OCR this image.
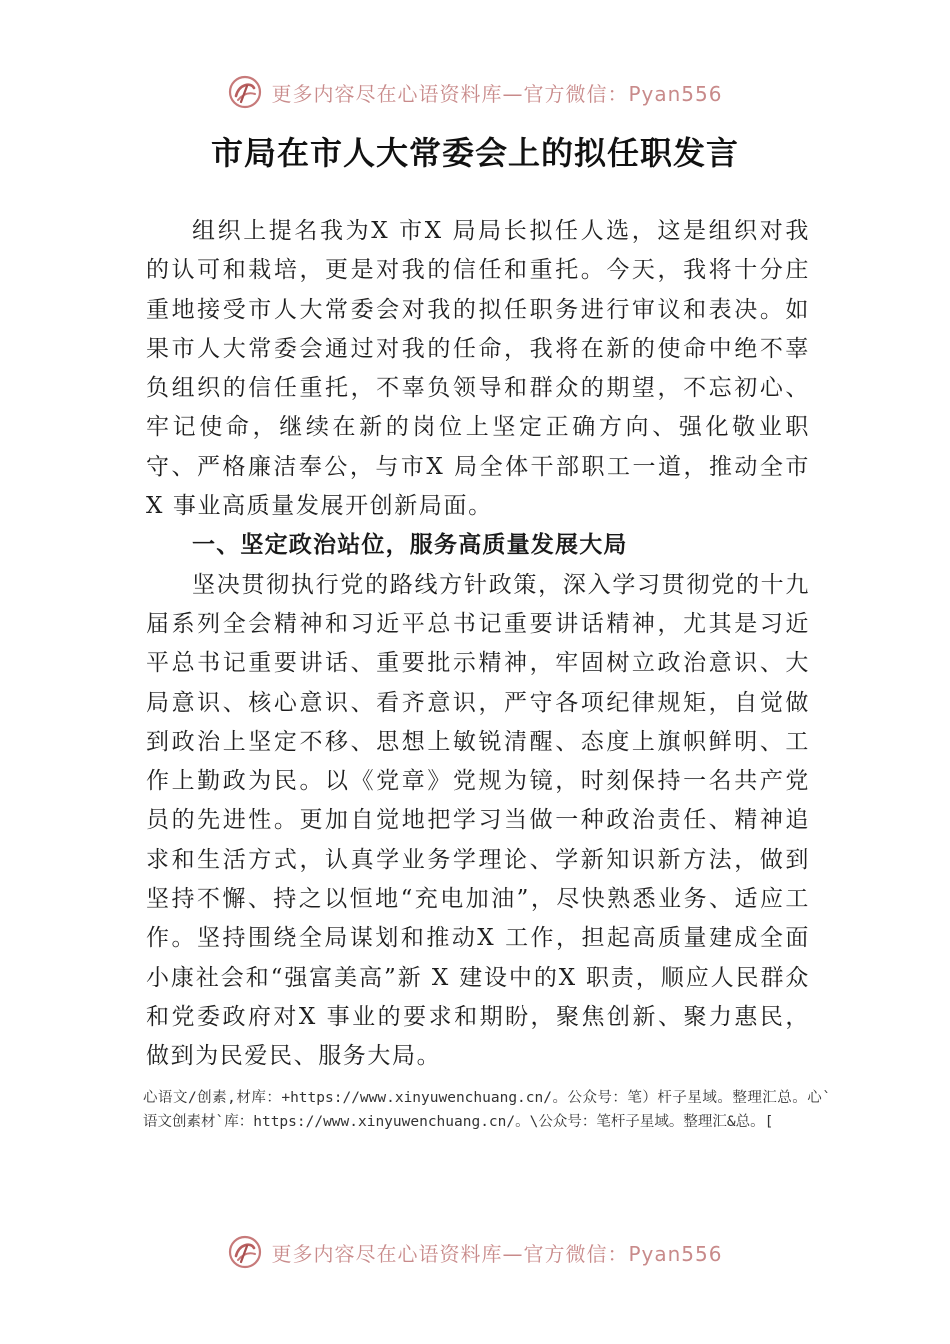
更多内容尽在心语资料库—官方微信：Pyan556
市局在市人大常委会上的拟任职发言

组织上提名我为X 市X 局局长拟任人选，这是组织对我的认可和栽培，更是对我的信任和重托。今天，我将十分庄重地接受市人大常委会对我的拟任职务进行审议和表决。如果市人大常委会通过对我的任命，我将在新的使命中绝不辜负组织的信任重托，不辜负领导和群众的期望，不忘初心、牢记使命，继续在新的岗位上坚定正确方向、强化敬业职守、严格廉洁奉公，与市X 局全体干部职工一道，推动全市 X 事业高质量发展开创新局面。

一、坚定政治站位，服务高质量发展大局

坚决贯彻执行党的路线方针政策，深入学习贯彻党的十九届系列全会精神和习近平总书记重要讲话精神，尤其是习近平总书记重要讲话、重要批示精神，牢固树立政治意识、大局意识、核心意识、看齐意识，严守各项纪律规矩，自觉做到政治上坚定不移、思想上敏锐清醒、态度上旗帜鲜明、工作上勤政为民。以《党章》党规为镜，时刻保持一名共产党员的先进性。更加自觉地把学习当做一种政治责任、精神追求和生活方式，认真学业务学理论、学新知识新方法，做到坚持不懈、持之以恒地“充电加油”，尽快熟悉业务、适应工作。坚持围绕全局谋划和推动X 工作，担起高质量建成全面小康社会和“强富美高”新 X 建设中的X 职责，顺应人民群众和党委政府对X 事业的要求和期盼，聚焦创新、聚力惠民，做到为民爱民、服务大局。

心语文/创素,材库：+https://www.xinyuwenchuang.cn/。公众号：笔）杆子星域。整理汇总。心`语文创素材`库：https://www.xinyuwenchuang.cn/。\公众号：笔杆子星域。整理汇&总。[

更多内容尽在心语资料库—官方微信：Pyan556
